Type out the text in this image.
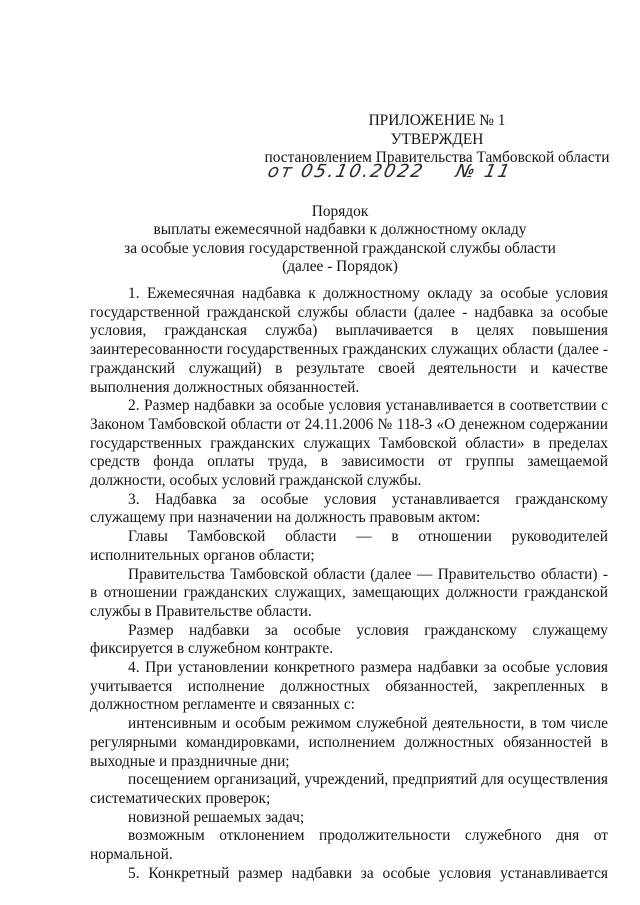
ПРИЛОЖЕНИЕ № 1
УТВЕРЖДЕН
постановлением Правительства Тамбовской области
от 05.10.2022 № 11
Порядок
выплаты ежемесячной надбавки к должностному окладу
за особые условия государственной гражданской службы области
(далее - Порядок)

1. Ежемесячная надбавка к должностному окладу за особые условия государственной гражданской службы области (далее - надбавка за особые условия, гражданская служба) выплачивается в целях повышения заинтересованности государственных гражданских служащих области (далее - гражданский служащий) в результате своей деятельности и качестве выполнения должностных обязанностей.

2. Размер надбавки за особые условия устанавливается в соответствии с Законом Тамбовской области от 24.11.2006 № 118-З «О денежном содержании государственных гражданских служащих Тамбовской области» в пределах средств фонда оплаты труда, в зависимости от группы замещаемой должности, особых условий гражданской службы.

3. Надбавка за особые условия устанавливается гражданскому служащему при назначении на должность правовым актом:

Главы Тамбовской области — в отношении руководителей исполнительных органов области;

Правительства Тамбовской области (далее — Правительство области) - в отношении гражданских служащих, замещающих должности гражданской службы в Правительстве области.

Размер надбавки за особые условия гражданскому служащему фиксируется в служебном контракте.

4. При установлении конкретного размера надбавки за особые условия учитывается исполнение должностных обязанностей, закрепленных в должностном регламенте и связанных с:

интенсивным и особым режимом служебной деятельности, в том числе регулярными командировками, исполнением должностных обязанностей в выходные и праздничные дни;

посещением организаций, учреждений, предприятий для осуществления систематических проверок;

новизной решаемых задач;

возможным отклонением продолжительности служебного дня от нормальной.

5. Конкретный размер надбавки за особые условия устанавливается
